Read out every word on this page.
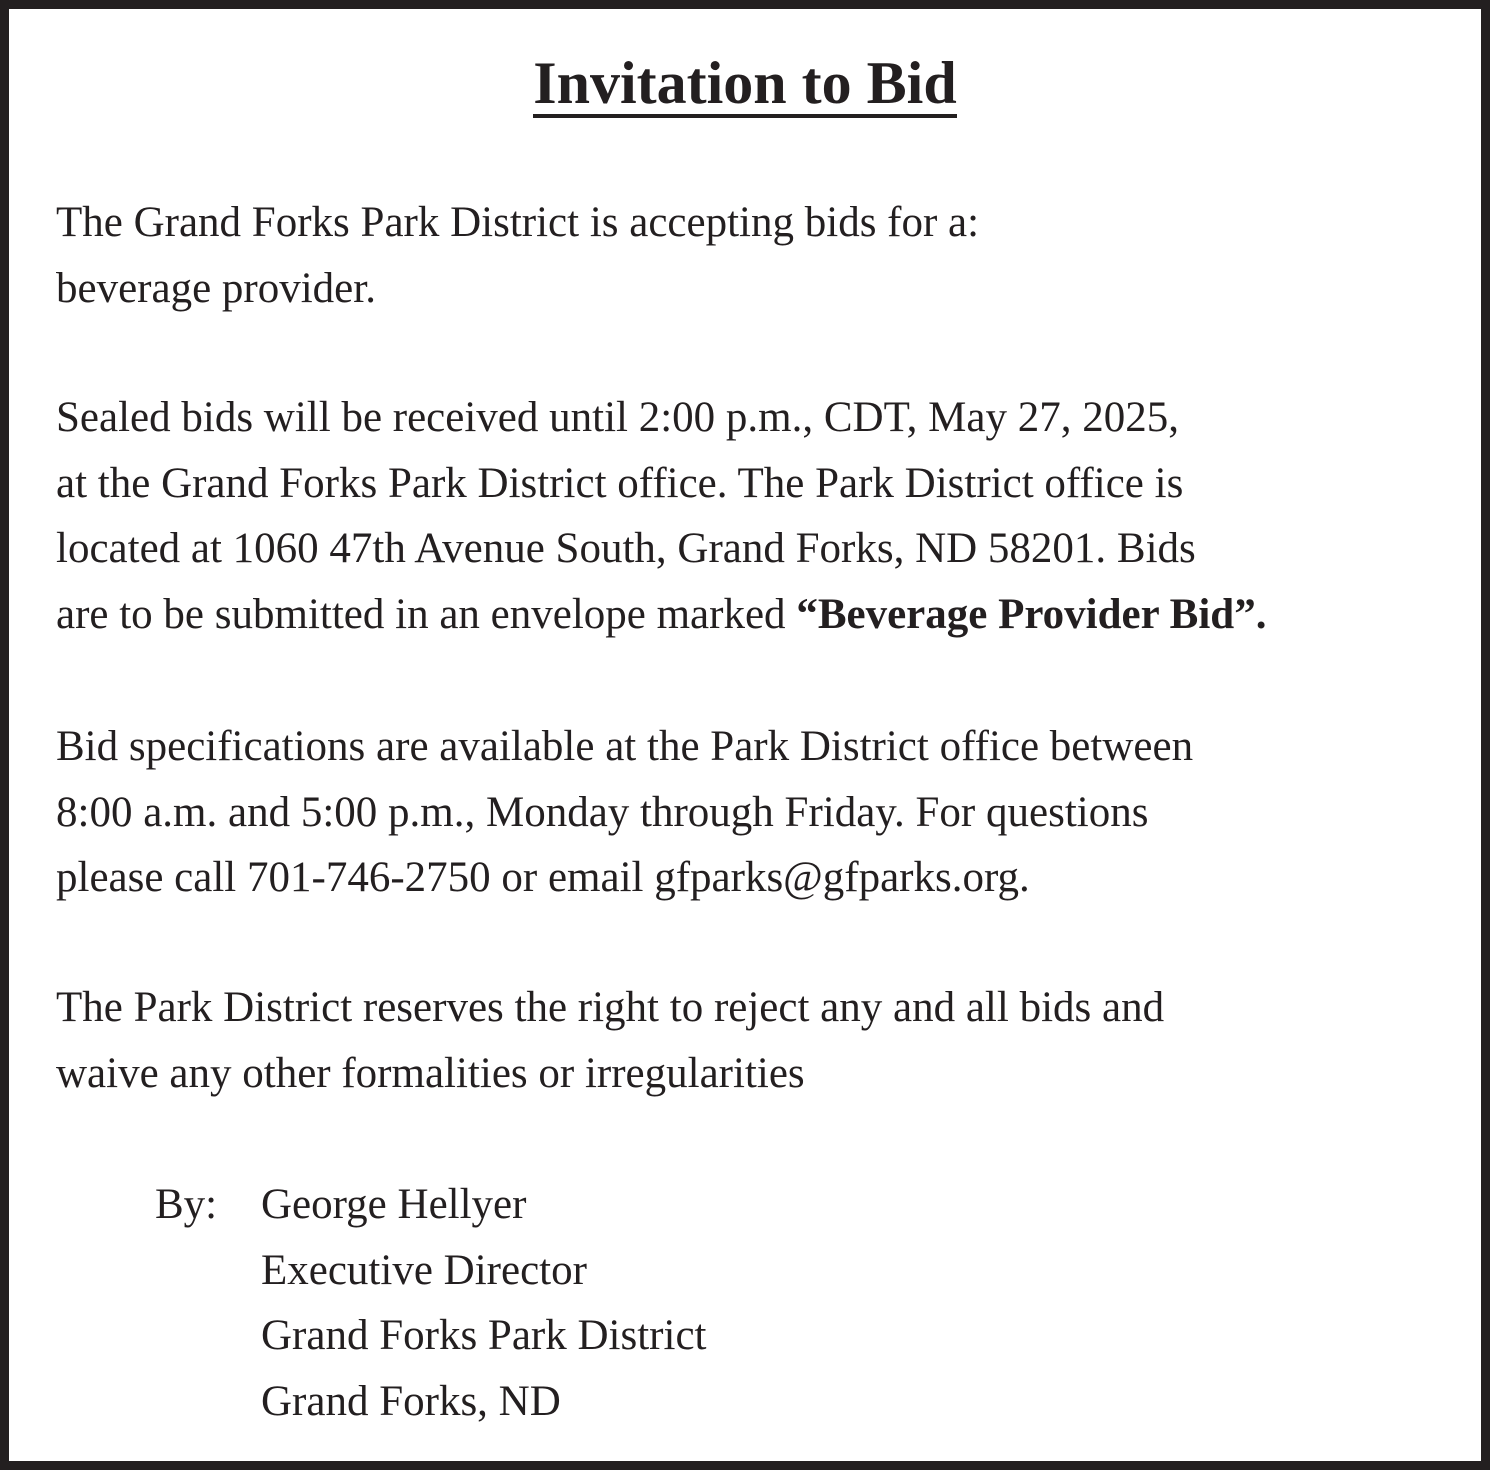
Invitation to Bid

The Grand Forks Park District is accepting bids for a:
beverage provider.

Sealed bids will be received until 2:00 p.m., CDT, May 27, 2025,
at the Grand Forks Park District office. The Park District office is
located at 1060 47th Avenue South, Grand Forks, ND 58201. Bids
are to be submitted in an envelope marked “Beverage Provider Bid”.

Bid specifications are available at the Park District office between
8:00 a.m. and 5:00 p.m., Monday through Friday. For questions
please call 701-746-2750 or email gfparks@gfparks.org.

The Park District reserves the right to reject any and all bids and
waive any other formalities or irregularities

By: George Hellyer
Executive Director
Grand Forks Park District
Grand Forks, ND
